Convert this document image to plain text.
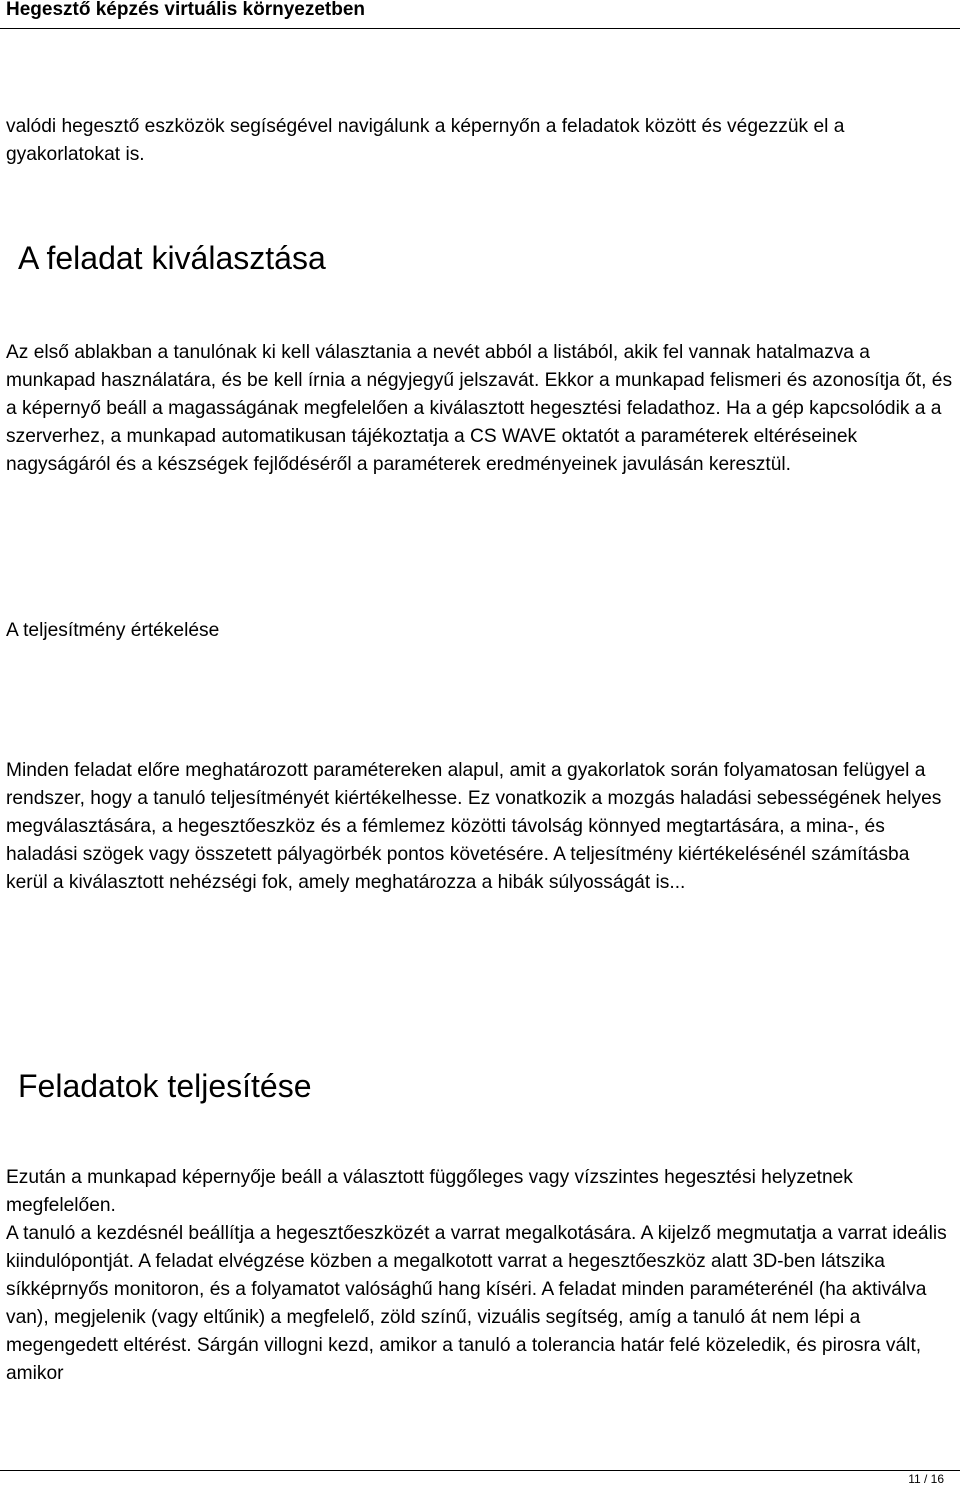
Hegesztő képzés virtuális környezetben

valódi hegesztő eszközök segíségével navigálunk a képernyőn a feladatok között és végezzük el a gyakorlatokat is.

A feladat kiválasztása

Az első ablakban a tanulónak ki kell választania a nevét abból a listából, akik fel vannak hatalmazva a munkapad használatára, és be kell írnia a négyjegyű jelszavát. Ekkor a munkapad felismeri és azonosítja őt, és a képernyő beáll a magasságának megfelelően a kiválasztott hegesztési feladathoz. Ha a gép kapcsolódik a a szerverhez, a munkapad automatikusan tájékoztatja a CS WAVE oktatót a paraméterek eltéréseinek nagyságáról és a készségek fejlődéséről a paraméterek eredményeinek javulásán keresztül.

A teljesítmény értékelése

Minden feladat előre meghatározott paramétereken alapul, amit a gyakorlatok során folyamatosan felügyel a rendszer, hogy a tanuló teljesítményét kiértékelhesse. Ez vonatkozik a mozgás haladási sebességének helyes megválasztására, a hegesztőeszköz és a fémlemez közötti távolság könnyed megtartására, a mina-, és haladási szögek vagy összetett pályagörbék pontos követésére. A teljesítmény kiértékelésénél számításba kerül a kiválasztott nehézségi fok, amely meghatározza a hibák súlyosságát is...

Feladatok teljesítése

Ezután a munkapad képernyője beáll a választott függőleges vagy vízszintes hegesztési helyzetnek megfelelően.

A tanuló a kezdésnél beállítja a hegesztőeszközét a varrat megalkotására. A kijelző megmutatja a varrat ideális kiindulópontját. A feladat elvégzése közben a megalkotott varrat a hegesztőeszköz alatt 3D-ben látszika síkképrnyős monitoron, és a folyamatot valósághű hang kíséri. A feladat minden paraméterénél (ha aktiválva van), megjelenik (vagy eltűnik) a megfelelő, zöld színű, vizuális segítség, amíg a tanuló át nem lépi a megengedett eltérést. Sárgán villogni kezd, amikor a tanuló a tolerancia határ felé közeledik, és pirosra vált, amikor

11 / 16
